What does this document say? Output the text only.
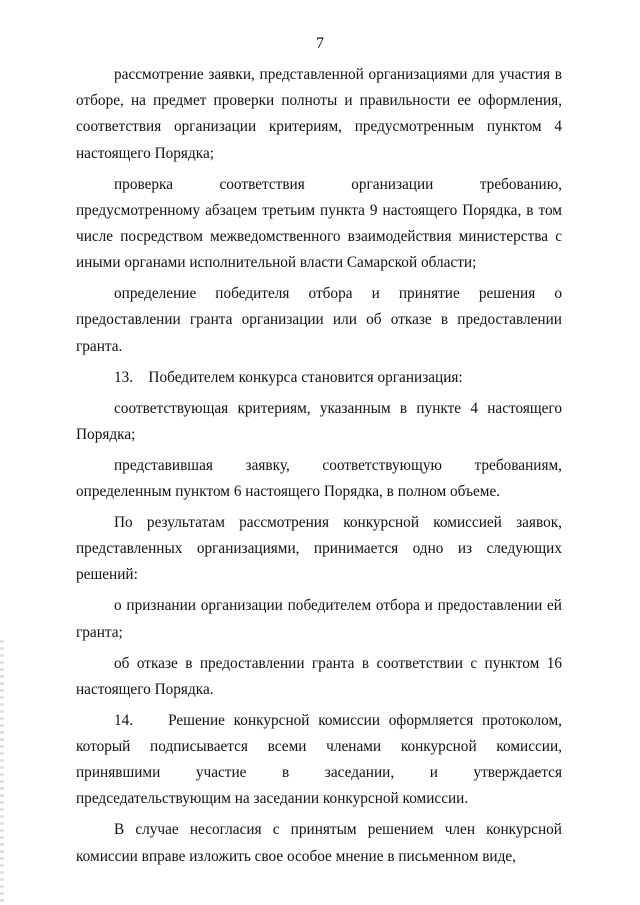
7

рассмотрение заявки, представленной организациями для участия в отборе, на предмет проверки полноты и правильности ее оформления, соответствия организации критериям, предусмотренным пунктом 4 настоящего Порядка;

проверка соответствия организации требованию, предусмотренному абзацем третьим пункта 9 настоящего Порядка, в том числе посредством межведомственного взаимодействия министерства с иными органами исполнительной власти Самарской области;

определение победителя отбора и принятие решения о предоставлении гранта организации или об отказе в предоставлении гранта.

13.    Победителем конкурса становится организация:

соответствующая критериям, указанным в пункте 4 настоящего Порядка;

представившая заявку, соответствующую требованиям, определенным пунктом 6 настоящего Порядка, в полном объеме.

По результатам рассмотрения конкурсной комиссией заявок, представленных организациями, принимается одно из следующих решений:

о признании организации победителем отбора и предоставлении ей гранта;

об отказе в предоставлении гранта в соответствии с пунктом 16 настоящего Порядка.

14.    Решение конкурсной комиссии оформляется протоколом, который подписывается всеми членами конкурсной комиссии, принявшими участие в заседании, и утверждается председательствующим на заседании конкурсной комиссии.

В случае несогласия с принятым решением член конкурсной комиссии вправе изложить свое особое мнение в письменном виде,
